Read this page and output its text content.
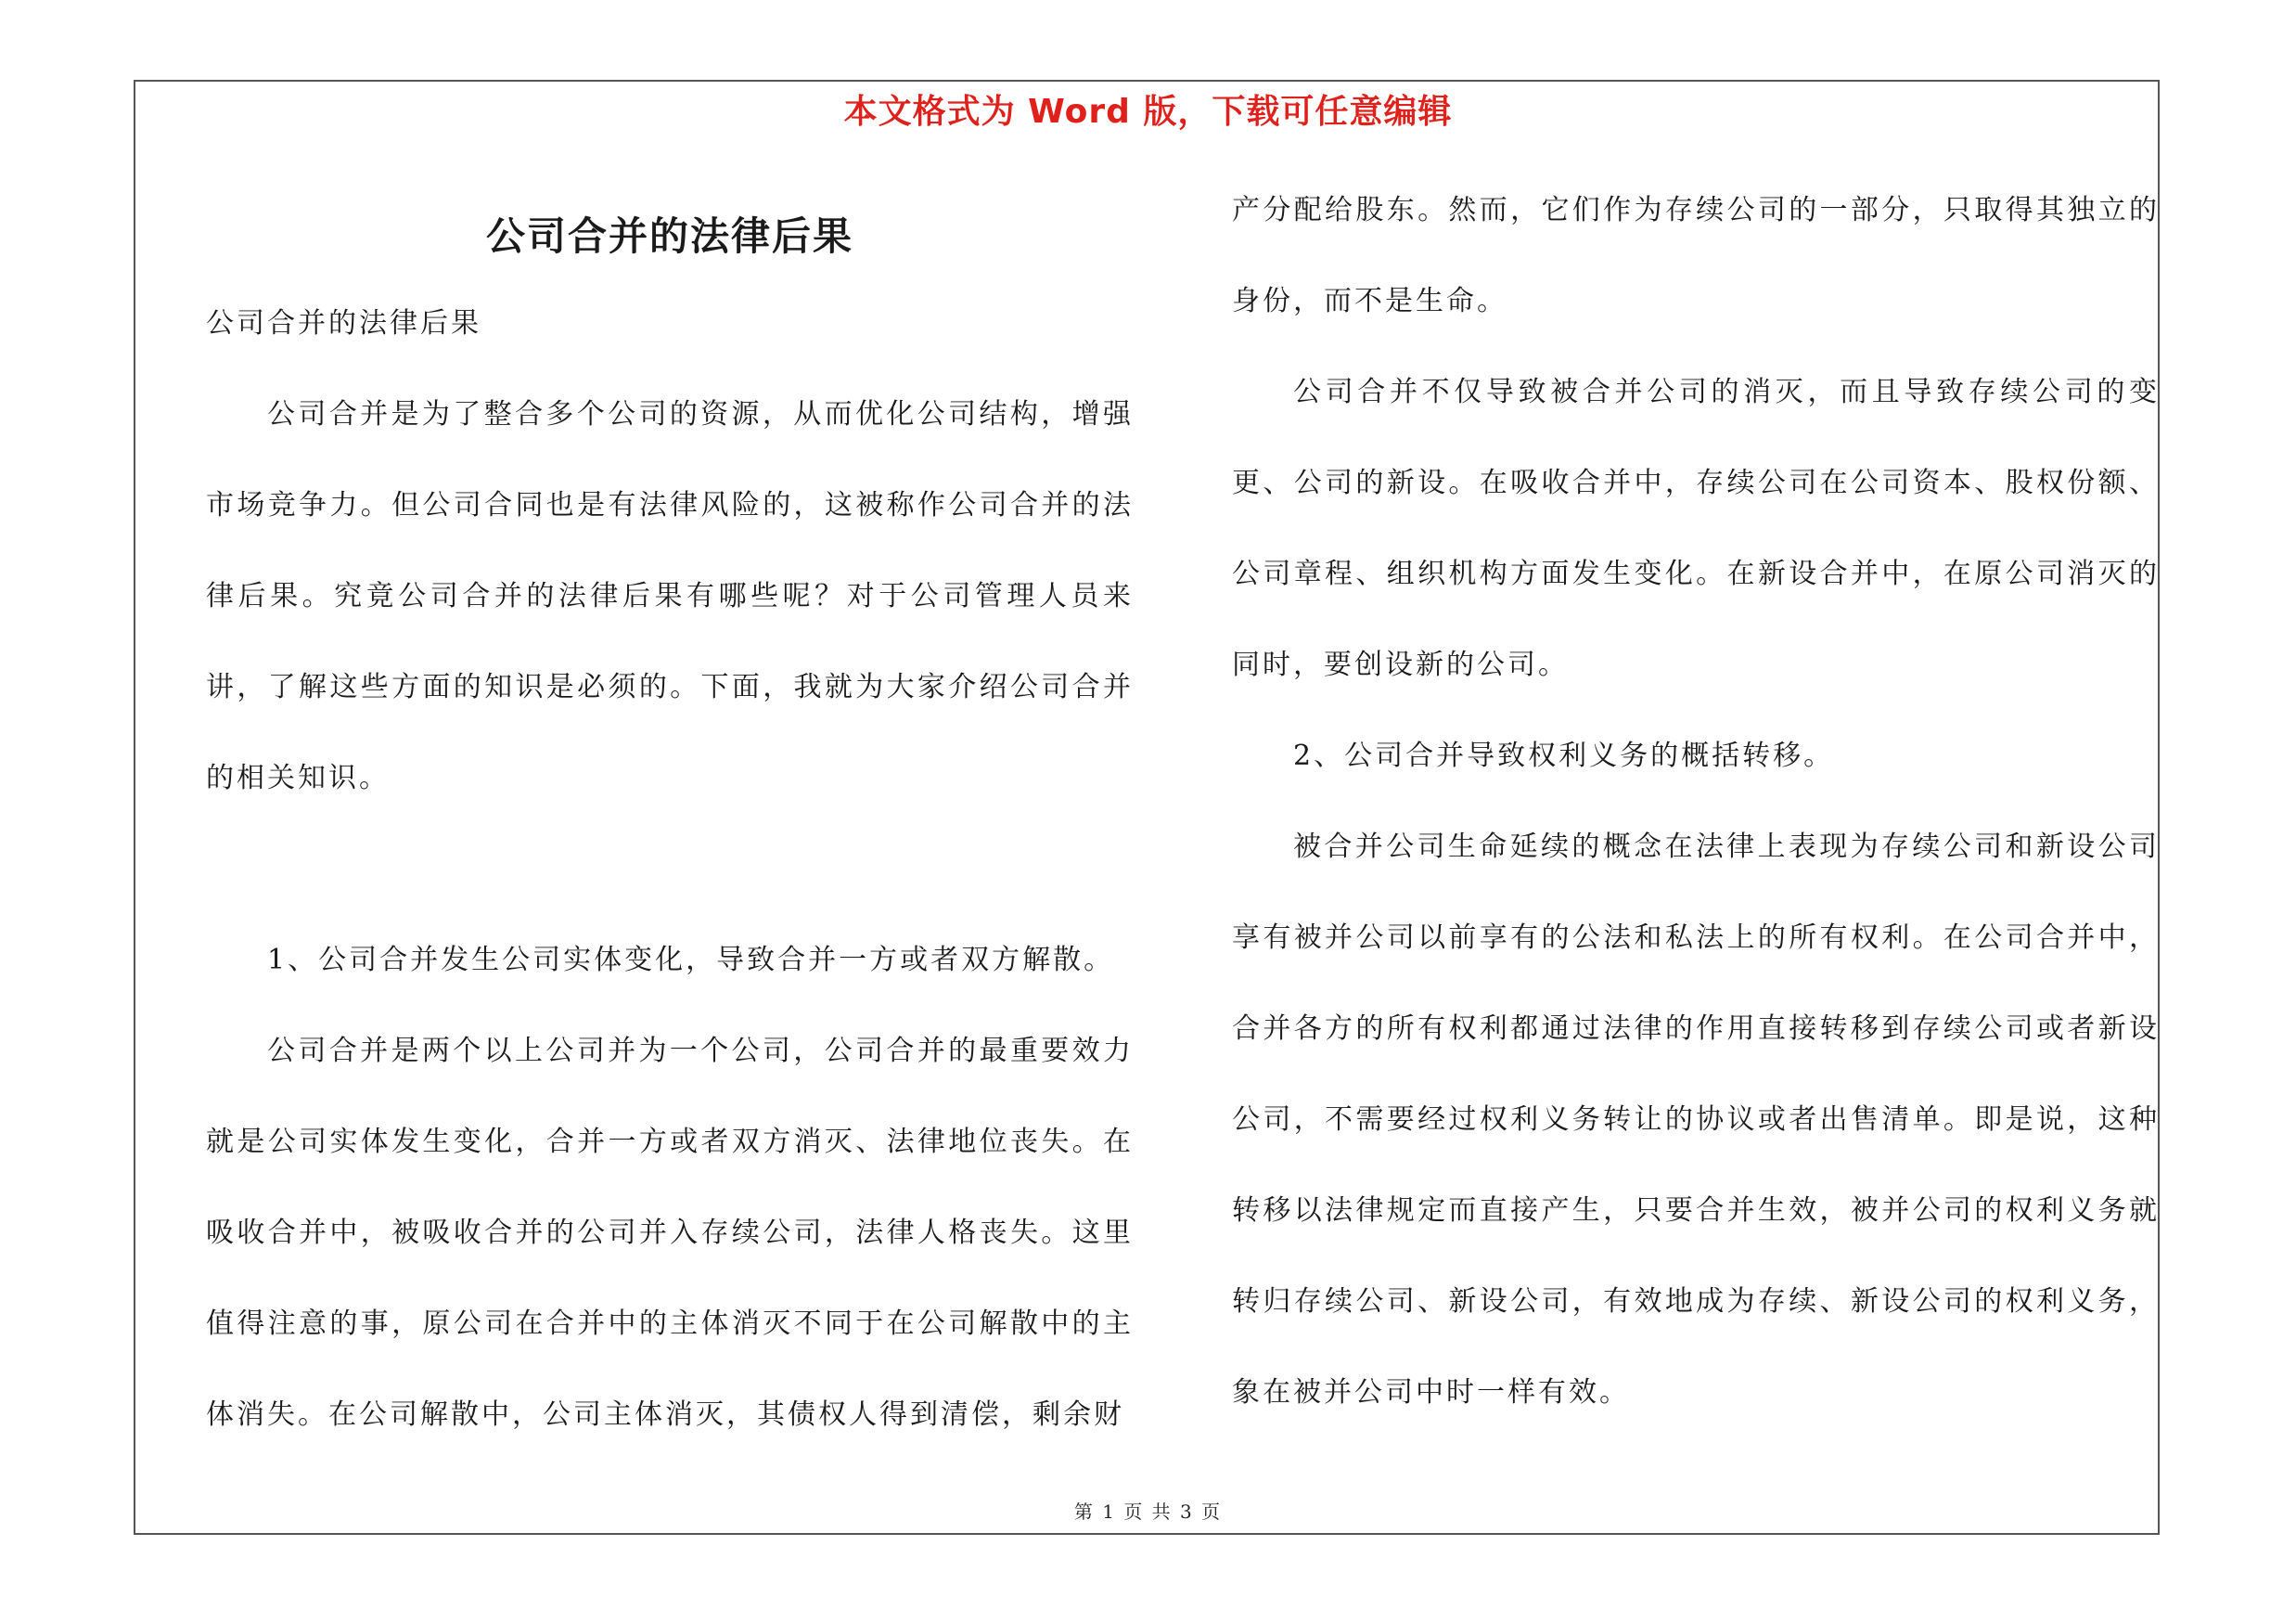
本文格式为 Word 版，下载可任意编辑
公司合并的法律后果

公司合并的法律后果

公司合并是为了整合多个公司的资源，从而优化公司结构，增强市场竞争力。但公司合同也是有法律风险的，这被称作公司合并的法律后果。究竟公司合并的法律后果有哪些呢？对于公司管理人员来讲，了解这些方面的知识是必须的。下面，我就为大家介绍公司合并的相关知识。

1、公司合并发生公司实体变化，导致合并一方或者双方解散。

公司合并是两个以上公司并为一个公司，公司合并的最重要效力就是公司实体发生变化，合并一方或者双方消灭、法律地位丧失。在吸收合并中，被吸收合并的公司并入存续公司，法律人格丧失。这里值得注意的事，原公司在合并中的主体消灭不同于在公司解散中的主体消失。在公司解散中，公司主体消灭，其债权人得到清偿，剩余财

产分配给股东。然而，它们作为存续公司的一部分，只取得其独立的身份，而不是生命。

公司合并不仅导致被合并公司的消灭，而且导致存续公司的变更、公司的新设。在吸收合并中，存续公司在公司资本、股权份额、公司章程、组织机构方面发生变化。在新设合并中，在原公司消灭的同时，要创设新的公司。

2、公司合并导致权利义务的概括转移。

被合并公司生命延续的概念在法律上表现为存续公司和新设公司享有被并公司以前享有的公法和私法上的所有权利。在公司合并中，合并各方的所有权利都通过法律的作用直接转移到存续公司或者新设公司，不需要经过权利义务转让的协议或者出售清单。即是说，这种转移以法律规定而直接产生，只要合并生效，被并公司的权利义务就转归存续公司、新设公司，有效地成为存续、新设公司的权利义务，象在被并公司中时一样有效。

第 1 页 共 3 页
